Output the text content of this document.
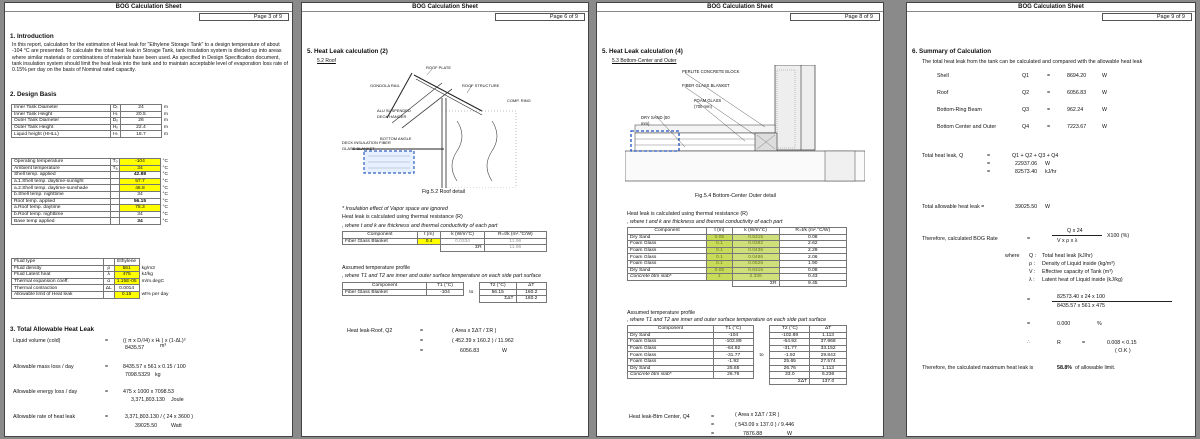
BOG Calculation Sheet
Page 3 of 9
1. Introduction
In this report, calculation for the estimation of Heat leak for "Ethylene Storage Tank" to a design temperature of about -104 °C are presented. To calculate the total heat leak in Storage Tank, tank insulation system is divided up into areas where similar materials or combinations of materials have been used. As specified in Design Specification document, tank insulation system should limit the heat leak into the tank and to maintain acceptable level of evaporation loss rate of 0.15% per day on the basis of Nominal rated capacity.
2. Design Basis
Inner Tank Diameter	Dᵢ	24	m
Inner Tank Height	Hᵢ	20.5	m
Outer Tank Diameter	Dₒ	26	m
Outer Tank Height	Hₒ	22.4	m
Liquid height (HHLL)	Hₗ	18.7	m
Operating temperature	Tₒ	-104	°C
Ambient temperature	Tₐ	34	°C
Shell temp. applied		42.88	°C
a.1.Shell temp. daytime-sunlight		57.7	°C
a.2.Shell temp. daytime-sunshade		45.8	°C
b.Shell temp. nighttime		34	°C
Roof temp. applied		56.15	°C
a.Roof temp. daytime		78.3	°C
b.Roof temp. nighttime		34	°C
Base temp applied		34	°C
Fluid type		Ethylene	
Fluid density	ρ	561	kg/m3
Fluid Latent heat	λ	475	kJ/kg
Thermal expansion coeff.	α	1.15E-05	m/m.degC
Thermal contraction	ΔL	0.0014	
Allowable limit of Heat leak		0.15	wt% per day
3. Total Allowable Heat Leak
Liquid volume (cold)	=	(( π x Dᵢ²/4) x Hₗ ) x (1-ΔL)³
8435.57	m³
Allowable mass loss / day	=	8435.57 x 561 x 0.15 / 100
7098.5329 kg
Allowable energy loss / day	=	475 x 1000 x 7098.53
3,371,803.130 Joule
Allowable rate of heat leak	=	3,371,803.130 / ( 24 x 3600 )
39025.50	Watt
BOG Calculation Sheet
Page 6 of 9
5. Heat Leak calculation (2)
5.2 Roof
ROOF PLATE
GONDOLA RAIL	ROOF STRUCTURE
COMP. RING
ALU SUSPENDED DECK HANGER
BOTTOM ANGLE
DECK INSULATION FIBER GLASS BLANKET
Fig.5.2 Roof detail
* Insulation effect of Vapor space are ignored
Heat leak is calculated using thermal resistance (R)
, where t and k are thickness and thermal conductivity of each part
Component	t (m)	k (W/m°C)	R=t/k (m².°C/W)
Fiber Glass Blanket	0.4	0.0334	11.96
		ΣR	11.96
Assumed temperature profile
, where T1 and T2 are inner and outer surface temperature on each side part surface
Component	T1 (°C)		T2 (°C)	ΔT
Fiber Glass Blanket	-104	to	56.15	160.2
			ΣΔT	160.2
Heat leak-Roof, Q2	=	( Area x ΣΔT / ΣR )
=	( 452.39 x 160.2 ) / 11.962
=	6056.83	W
BOG Calculation Sheet
Page 8 of 9
5. Heat Leak calculation (4)
5.3 Bottom-Center and Outer
PERLITE CONCRETE BLOCK
FIBER GLASS BLANKET
FOAM GLASS (700 mm)
DRY SAND (50 mm)
Fig.5.4 Bottom-Center Outer detail
Heat leak is calculated using thermal resistance (R)
, where t and k are thickness and thermal conductivity of each part
Component	t (m)	k (W/m°C)	R=t/k (m².°C/W)
Dry Sand	0.05	0.6315	0.08
Foam Glass	0.1	0.0382	2.62
Foam Glass	0.1	0.0436	2.29
Foam Glass	0.1	0.0486	2.06
Foam Glass	0.1	0.0526	1.90
Dry Sand	0.05	0.6315	0.08
Concrete btm slab*	1	2.336	0.43
		ΣR	9.45
Assumed temperature profile
, where T1 and T2 are inner and outer surface temperature on each side part surface
Component	T1 (°C)		T2 (°C)	ΔT
Dry Sand	-104		-102.89	1.113
Foam Glass	-102.89		-64.92	37.968
Foam Glass	-64.92		-31.77	33.152
Foam Glass	-31.77	to	-1.92	29.843
Foam Glass	-1.92		25.65	27.574
Dry Sand	25.65		26.76	1.113
Concrete btm slab*	26.76		33.0	6.236
			ΣΔT	137.0
Heat leak-Btm Center, Q4	=	( Area x ΣΔT / ΣR )
=	( 543.09 x 137.0 ) / 9.446
=	7876.88	W
BOG Calculation Sheet
Page 9 of 9
6. Summary of Calculation
The total heat leak from the tank can be calculated and compared with the allowable heat leak
Shell	Q1	=	8694.20	W
Roof	Q2	=	6056.83	W
Bottom-Ring Beam	Q3	=	962.24	W
Bottom Center and Outer	Q4	=	7223.67	W
Total heat leak, Q	=	Q1 + Q2 + Q3 + Q4
=	22937.06 W
=	82573.40 kJ/hr
Total allowable heat leak =	39025.50 W
Therefore, calculated BOG Rate	=
Q x 24
V x ρ x λ
X100 (%)
where Q : Total heat leak (kJ/hr)
ρ : Density of Liquid inside (kg/m³)
V : Effective capacity of Tank (m³)
λ : Latent heat of Liquid inside (kJ/kg)
=	82573.40 x 24 x 100
8435.57 x 561 x 475
=	0.000	%
∴	R	=	0.008 < 0.15
( O.K )
Therefore, the calculated maximum heat leak is	58.8% of allowable limit.
